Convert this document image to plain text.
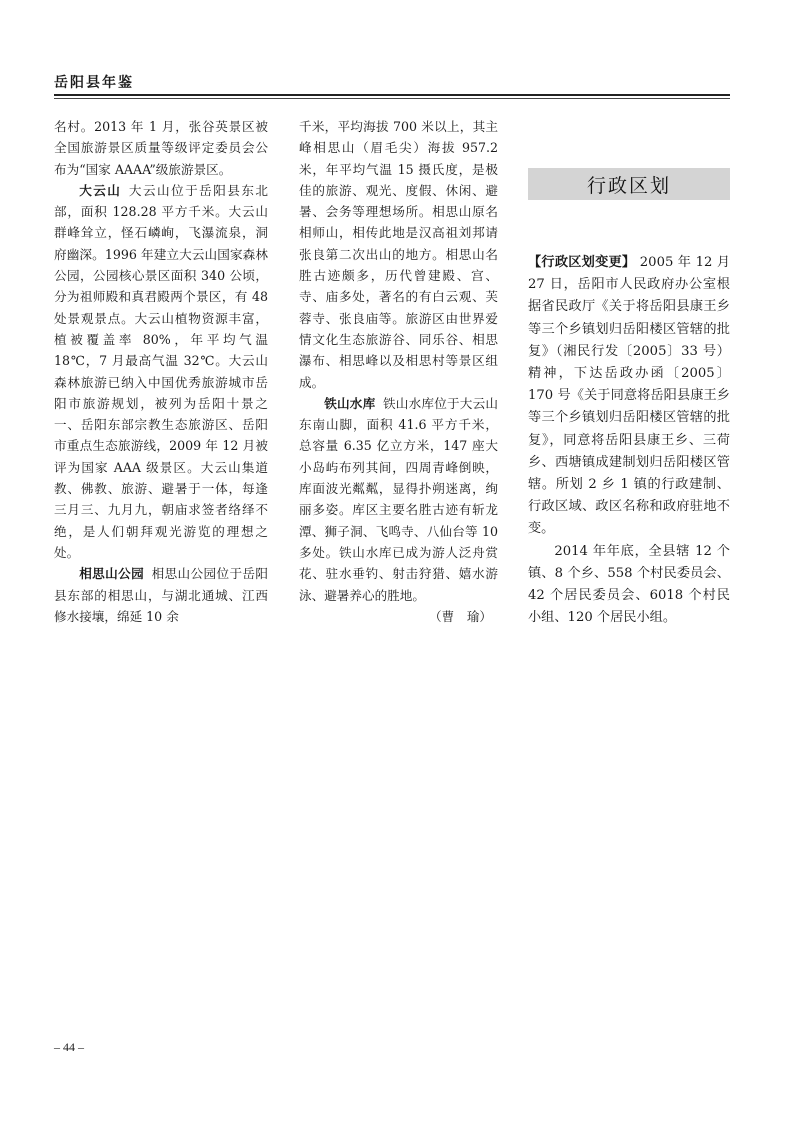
岳阳县年鉴

名村。2013 年 1 月，张谷英景区被全国旅游景区质量等级评定委员会公布为“国家 AAAA”级旅游景区。

大云山 大云山位于岳阳县东北部，面积 128.28 平方千米。大云山群峰耸立，怪石嶙峋，飞瀑流泉，洞府幽深。1996 年建立大云山国家森林公园，公园核心景区面积 340 公顷，分为祖师殿和真君殿两个景区，有 48 处景观景点。大云山植物资源丰富，植被覆盖率 80%，年平均气温 18℃，7 月最高气温 32℃。大云山森林旅游已纳入中国优秀旅游城市岳阳市旅游规划，被列为岳阳十景之一、岳阳东部宗教生态旅游区、岳阳市重点生态旅游线，2009 年 12 月被评为国家 AAA 级景区。大云山集道教、佛教、旅游、避暑于一体，每逢三月三、九月九，朝庙求签者络绎不绝，是人们朝拜观光游览的理想之处。

相思山公园 相思山公园位于岳阳县东部的相思山，与湖北通城、江西修水接壤，绵延 10 余

千米，平均海拔 700 米以上，其主峰相思山（眉毛尖）海拔 957.2 米，年平均气温 15 摄氏度，是极佳的旅游、观光、度假、休闲、避暑、会务等理想场所。相思山原名相师山，相传此地是汉高祖刘邦请张良第二次出山的地方。相思山名胜古迹颇多，历代曾建殿、宫、寺、庙多处，著名的有白云观、芙蓉寺、张良庙等。旅游区由世界爱情文化生态旅游谷、同乐谷、相思瀑布、相思峰以及相思村等景区组成。

铁山水库 铁山水库位于大云山东南山脚，面积 41.6 平方千米，总容量 6.35 亿立方米，147 座大小岛屿布列其间，四周青峰倒映，库面波光粼粼，显得扑朔迷离，绚丽多姿。库区主要名胜古迹有斩龙潭、狮子洞、飞鸣寺、八仙台等 10 多处。铁山水库已成为游人泛舟赏花、驻水垂钓、射击狩猎、嬉水游泳、避暑养心的胜地。

（曹　瑜）

行政区划

【行政区划变更】 2005 年 12 月 27 日，岳阳市人民政府办公室根据省民政厅《关于将岳阳县康王乡等三个乡镇划归岳阳楼区管辖的批复》（湘民行发〔2005〕33 号）精神，下达岳政办函〔2005〕170 号《关于同意将岳阳县康王乡等三个乡镇划归岳阳楼区管辖的批复》，同意将岳阳县康王乡、三荷乡、西塘镇成建制划归岳阳楼区管辖。所划 2 乡 1 镇的行政建制、行政区域、政区名称和政府驻地不变。

2014 年年底，全县辖 12 个镇、8 个乡、558 个村民委员会、42 个居民委员会、6018 个村民小组、120 个居民小组。

– 44 –
